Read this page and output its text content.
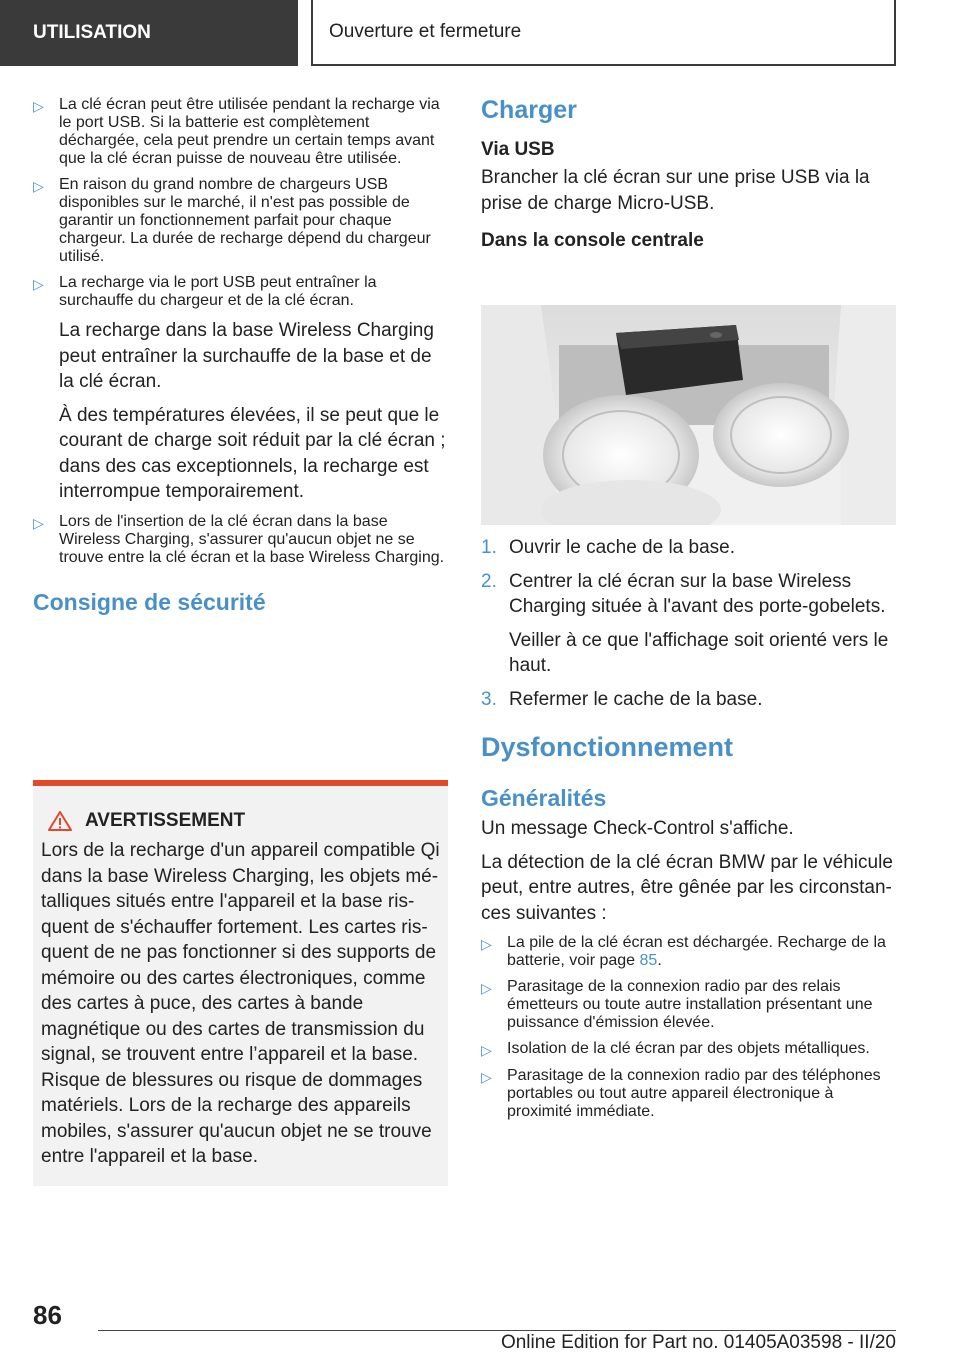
UTILISATION	Ouverture et fermeture
▷ La clé écran peut être utilisée pendant la recharge via le port USB. Si la batterie est complètement déchargée, cela peut prendre un certain temps avant que la clé écran puisse de nouveau être utilisée.
▷ En raison du grand nombre de chargeurs USB disponibles sur le marché, il n'est pas possible de garantir un fonctionnement parfait pour chaque chargeur. La durée de recharge dépend du chargeur utilisé.
▷ La recharge via le port USB peut entraîner la surchauffe du chargeur et de la clé écran.

La recharge dans la base Wireless Charging peut entraîner la surchauffe de la base et de la clé écran.

À des températures élevées, il se peut que le courant de charge soit réduit par la clé écran ; dans des cas exceptionnels, la recharge est interrompue temporairement.

▷ Lors de l'insertion de la clé écran dans la base Wireless Charging, s'assurer qu'aucun objet ne se trouve entre la clé écran et la base Wireless Charging.
Consigne de sécurité
AVERTISSEMENT

Lors de la recharge d'un appareil compatible Qi dans la base Wireless Charging, les objets métalliques situés entre l'appareil et la base risquent de s'échauffer fortement. Les cartes risquent de ne pas fonctionner si des supports de mémoire ou des cartes électroniques, comme des cartes à puce, des cartes à bande magnétique ou des cartes de transmission du signal, se trouvent entre l’appareil et la base. Risque de blessures ou risque de dommages matériels. Lors de la recharge des appareils mobiles, s'assurer qu'aucun objet ne se trouve entre l'appareil et la base.

Charger
Via USB

Brancher la clé écran sur une prise USB via la prise de charge Micro-USB.

Dans la console centrale
1. Ouvrir le cache de la base.
2. Centrer la clé écran sur la base Wireless Charging située à l'avant des porte-gobelets.

Veiller à ce que l'affichage soit orienté vers le haut.

3. Refermer le cache de la base.
Dysfonctionnement
Généralités

Un message Check-Control s'affiche.

La détection de la clé écran BMW par le véhicule peut, entre autres, être gênée par les circonstances suivantes :

▷ La pile de la clé écran est déchargée. Recharge de la batterie, voir page 85.
▷ Parasitage de la connexion radio par des relais émetteurs ou toute autre installation présentant une puissance d'émission élevée.
▷ Isolation de la clé écran par des objets métalliques.
▷ Parasitage de la connexion radio par des téléphones portables ou tout autre appareil électronique à proximité immédiate.
86
Online Edition for Part no. 01405A03598 - II/20
